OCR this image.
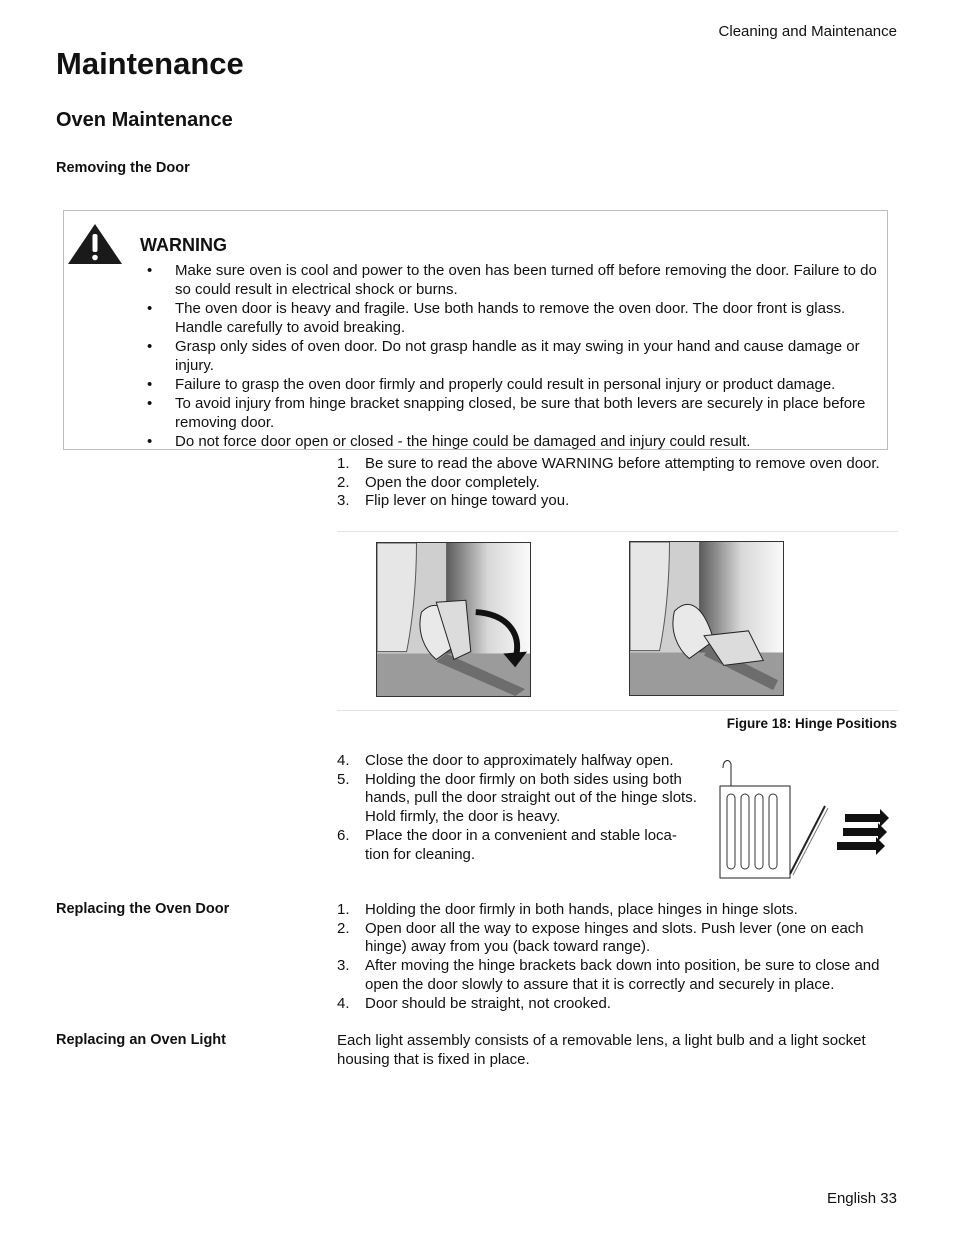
Cleaning and Maintenance
Maintenance
Oven Maintenance
Removing the Door
WARNING
• Make sure oven is cool and power to the oven has been turned off before removing the door. Failure to do so could result in electrical shock or burns.
• The oven door is heavy and fragile. Use both hands to remove the oven door. The door front is glass. Handle carefully to avoid breaking.
• Grasp only sides of oven door. Do not grasp handle as it may swing in your hand and cause damage or injury.
• Failure to grasp the oven door firmly and properly could result in personal injury or product damage.
• To avoid injury from hinge bracket snapping closed, be sure that both levers are securely in place before removing door.
• Do not force door open or closed - the hinge could be damaged and injury could result.
1. Be sure to read the above WARNING before attempting to remove oven door.
2. Open the door completely.
3. Flip lever on hinge toward you.
Figure 18: Hinge Positions
4. Close the door to approximately halfway open.
5. Holding the door firmly on both sides using both hands, pull the door straight out of the hinge slots. Hold firmly, the door is heavy.
6. Place the door in a convenient and stable loca-tion for cleaning.
Replacing the Oven Door	1. Holding the door firmly in both hands, place hinges in hinge slots.
2. Open door all the way to expose hinges and slots. Push lever (one on each hinge) away from you (back toward range).
3. After moving the hinge brackets back down into position, be sure to close and open the door slowly to assure that it is correctly and securely in place.
4. Door should be straight, not crooked.
Replacing an Oven Light	Each light assembly consists of a removable lens, a light bulb and a light socket housing that is fixed in place.

English 33
